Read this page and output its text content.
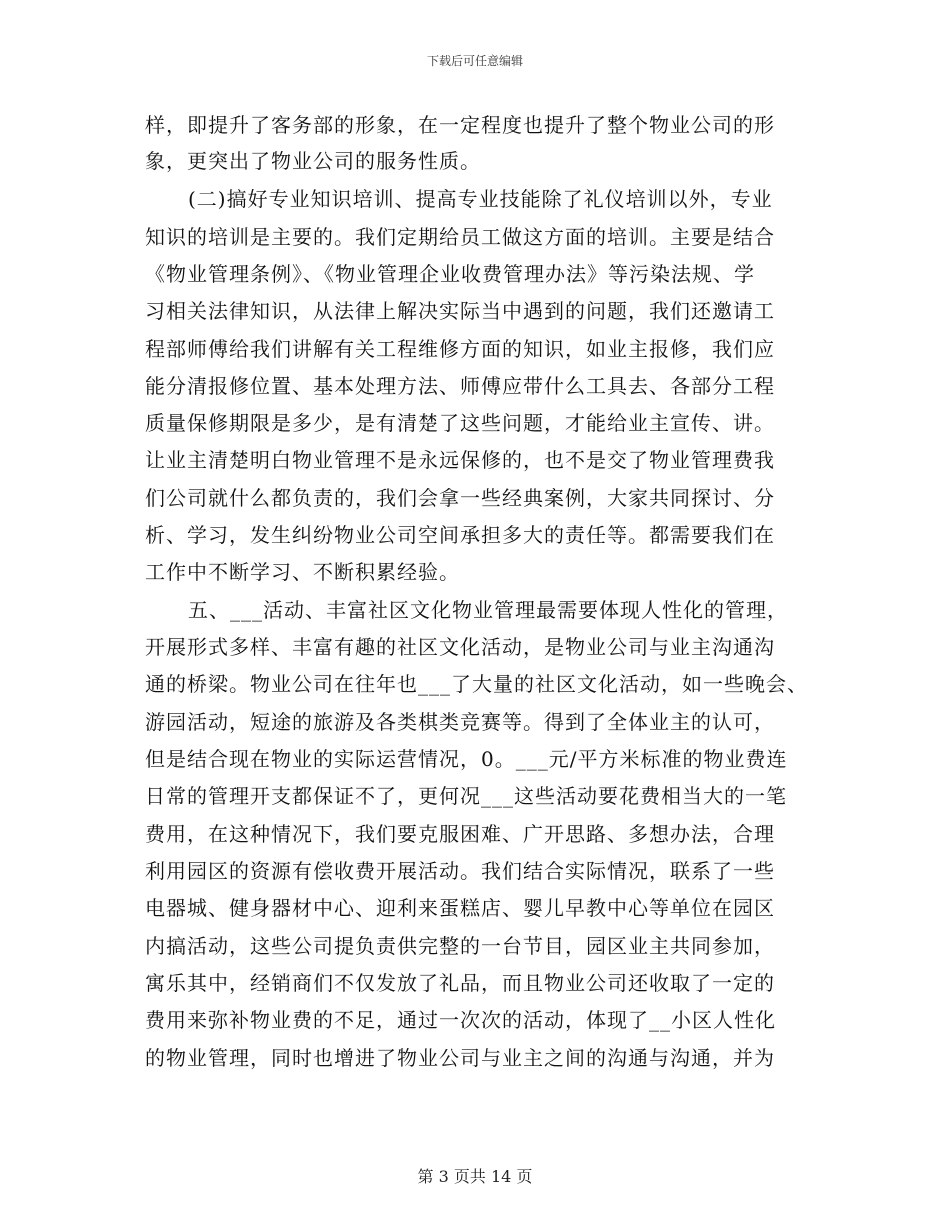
下载后可任意编辑
样，即提升了客务部的形象，在一定程度也提升了整个物业公司的形
象，更突出了物业公司的服务性质。
(二)搞好专业知识培训、提高专业技能除了礼仪培训以外，专业
知识的培训是主要的。我们定期给员工做这方面的培训。主要是结合
《物业管理条例》、《物业管理企业收费管理办法》等污染法规、学
习相关法律知识，从法律上解决实际当中遇到的问题，我们还邀请工
程部师傅给我们讲解有关工程维修方面的知识，如业主报修，我们应
能分清报修位置、基本处理方法、师傅应带什么工具去、各部分工程
质量保修期限是多少，是有清楚了这些问题，才能给业主宣传、讲。
让业主清楚明白物业管理不是永远保修的，也不是交了物业管理费我
们公司就什么都负责的，我们会拿一些经典案例，大家共同探讨、分
析、学习，发生纠纷物业公司空间承担多大的责任等。都需要我们在
工作中不断学习、不断积累经验。
五、___活动、丰富社区文化物业管理最需要体现人性化的管理，
开展形式多样、丰富有趣的社区文化活动，是物业公司与业主沟通沟
通的桥梁。物业公司在往年也___了大量的社区文化活动，如一些晚会、
游园活动，短途的旅游及各类棋类竞赛等。得到了全体业主的认可，
但是结合现在物业的实际运营情况，0。___元/平方米标准的物业费连
日常的管理开支都保证不了，更何况___这些活动要花费相当大的一笔
费用，在这种情况下，我们要克服困难、广开思路、多想办法，合理
利用园区的资源有偿收费开展活动。我们结合实际情况，联系了一些
电器城、健身器材中心、迎利来蛋糕店、婴儿早教中心等单位在园区
内搞活动，这些公司提负责供完整的一台节目，园区业主共同参加，
寓乐其中，经销商们不仅发放了礼品，而且物业公司还收取了一定的
费用来弥补物业费的不足，通过一次次的活动，体现了__小区人性化
的物业管理，同时也增进了物业公司与业主之间的沟通与沟通，并为
第 3 页共 14 页
